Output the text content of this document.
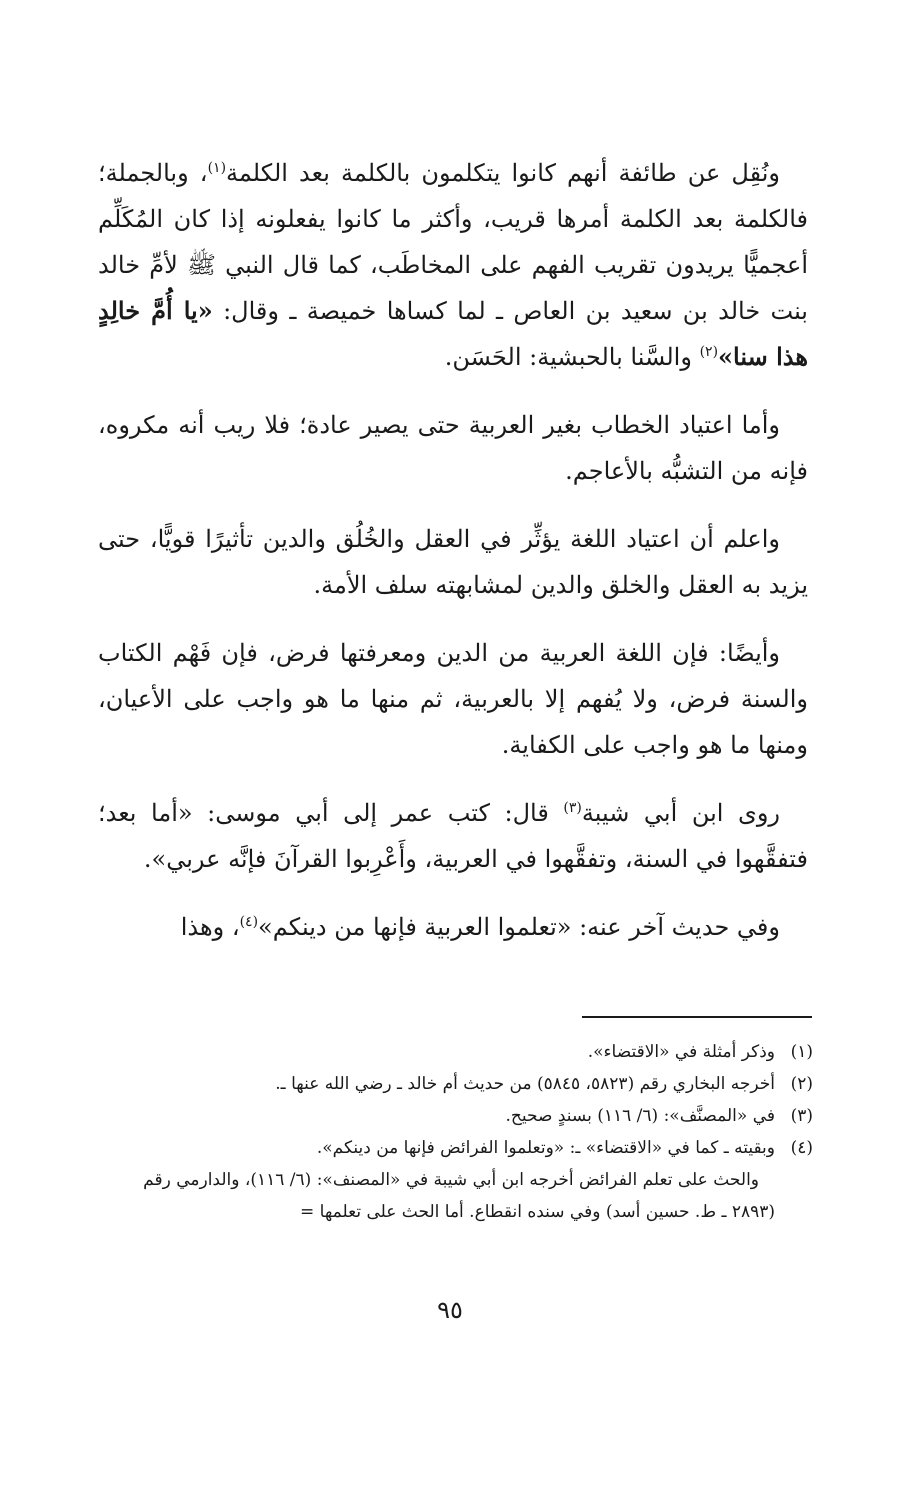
ونُقِل عن طائفة أنهم كانوا يتكلمون بالكلمة بعد الكلمة$^{(١)}$، وبالجملة؛ فالكلمة بعد الكلمة أمرها قريب، وأكثر ما كانوا يفعلونه إذا كان المُكَلِّم أعجميًّا يريدون تقريب الفهم على المخاطَب، كما قال النبي ﷺ لأمِّ خالد بنت خالد بن سعيد بن العاص ـ لما كساها خميصة ـ وقال: «يا أُمَّ خالِدٍ هذا سنا»$^{(٢)}$ والسَّنا بالحبشية: الحَسَن.

وأما اعتياد الخطاب بغير العربية حتى يصير عادة؛ فلا ريب أنه مكروه، فإنه من التشبُّه بالأعاجم.

واعلم أن اعتياد اللغة يؤثِّر في العقل والخُلُق والدين تأثيرًا قويًّا، حتى يزيد به العقل والخلق والدين لمشابهته سلف الأمة.

وأيضًا: فإن اللغة العربية من الدين ومعرفتها فرض، فإن فَهْم الكتاب والسنة فرض، ولا يُفهم إلا بالعربية، ثم منها ما هو واجب على الأعيان، ومنها ما هو واجب على الكفاية.

روى ابن أبي شيبة$^{(٣)}$ قال: كتب عمر إلى أبي موسى: «أما بعد؛ فتفقَّهوا في السنة، وتفقَّهوا في العربية، وأَعْرِبوا القرآنَ فإنَّه عربي».

وفي حديث آخر عنه: «تعلموا العربية فإنها من دينكم»$^{(٤)}$، وهذا

(١)
وذكر أمثلة في «الاقتضاء».
(٢)
أخرجه البخاري رقم (٥٨٢٣، ٥٨٤٥) من حديث أم خالد ـ رضي الله عنها ـ.
(٣)
في «المصنَّف»: (٦/ ١١٦) بسندٍ صحيح.
(٤)
وبقيته ـ كما في «الاقتضاء» ـ: «وتعلموا الفرائض فإنها من دينكم».
والحث على تعلم الفرائض أخرجه ابن أبي شيبة في «المصنف»: (٦/ ١١٦)، والدارمي رقم (٢٨٩٣ ـ ط. حسين أسد) وفي سنده انقطاع. أما الحث على تعلمها =
٩٥
